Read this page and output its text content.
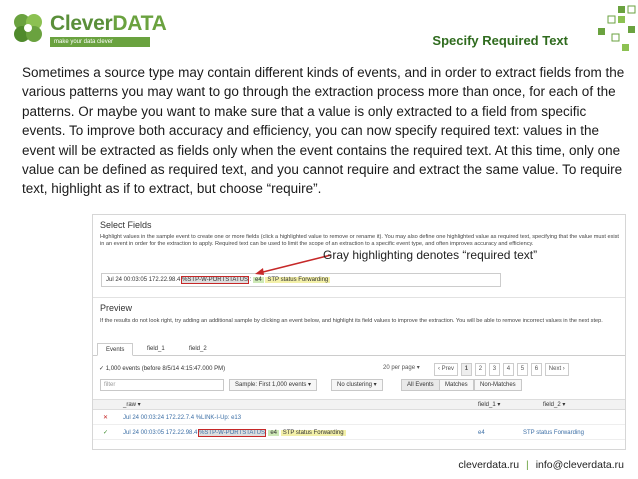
CleverDATA
make your data clever	Specify Required Text
Sometimes a source type may contain different kinds of events, and in order to extract fields from the various patterns you may want to go through the extraction process more than once, for each of the patterns. Or maybe you want to make sure that a value is only extracted to a field from specific events. To improve both accuracy and efficiency, you can now specify required text: values in the event will be extracted as fields only when the event contains the required text. At this time, only one value can be defined as required text, and you cannot require and extract the same value. To require text, highlight as if to extract, but choose “require”.
Select Fields
Highlight values in the sample event to create one or more fields (click a highlighted value to remove or rename it). You may also define one highlighted value as required text, specifying that the value must exist in an event in order for the extraction to apply. Required text can be used to limit the scope of an extraction to a specific event type, and often improves accuracy and efficiency.
Jul 24 00:03:05 172.22.98.4 %STP-W-PORTSTATUS : e4 STP status Forwarding
Gray highlighting denotes “required text”
Preview
If the results do not look right, try adding an additional sample by clicking an event below, and highlight its field values to improve the extraction. You will be able to remove incorrect values in the next step.
Events	field_1	field_2
✓ 1,000 events (before 8/5/14 4:15:47.000 PM)	20 per page ▾	‹ Prev 1 2 3 4 5 6 Next ›
filter	Sample: First 1,000 events ▾	No clustering ▾	All Events	Matches	Non-Matches
_raw ▾	field_1 ▾	field_2 ▾
✕ Jul 24 00:03:24 172.22.7.4 %LINK-I-Up: e13
✓ Jul 24 00:03:05 172.22.98.4 %STP-W-PORTSTATUS: e4 STP status Forwarding	e4	STP status Forwarding
cleverdata.ru | info@cleverdata.ru
